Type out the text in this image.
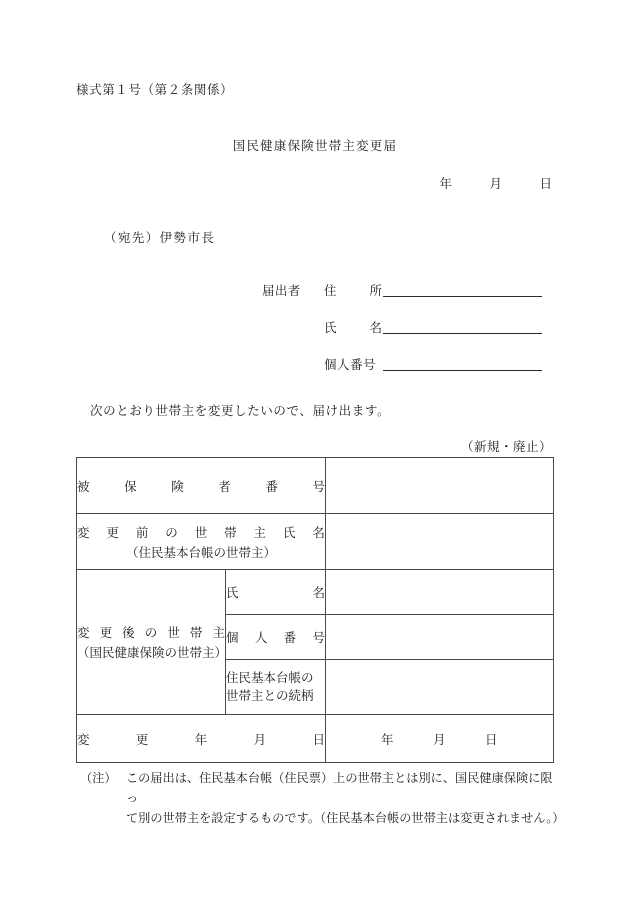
様式第１号（第２条関係）
国民健康保険世帯主変更届
年　　　月　　　日
（宛先）伊勢市長
届出者	住	所
氏	名
個人番号
次のとおり世帯主を変更したいので、届け出ます。
（新規・廃止）
被	保	険	者	番	号

変 更 前 の 世 帯 主 氏 名
（住民基本台帳の世帯主）

変 更 後 の 世 帯 主
（国民健康保険の世帯主）

氏	名

	個 人 番 号	

	住民基本台帳の
世帯主との続柄	

変 更 年 月 日		年　　　月　　　日
（注） この届出は、住民基本台帳（住民票）上の世帯主とは別に、国民健康保険に限っ
て別の世帯主を設定するものです。（住民基本台帳の世帯主は変更されません。）
